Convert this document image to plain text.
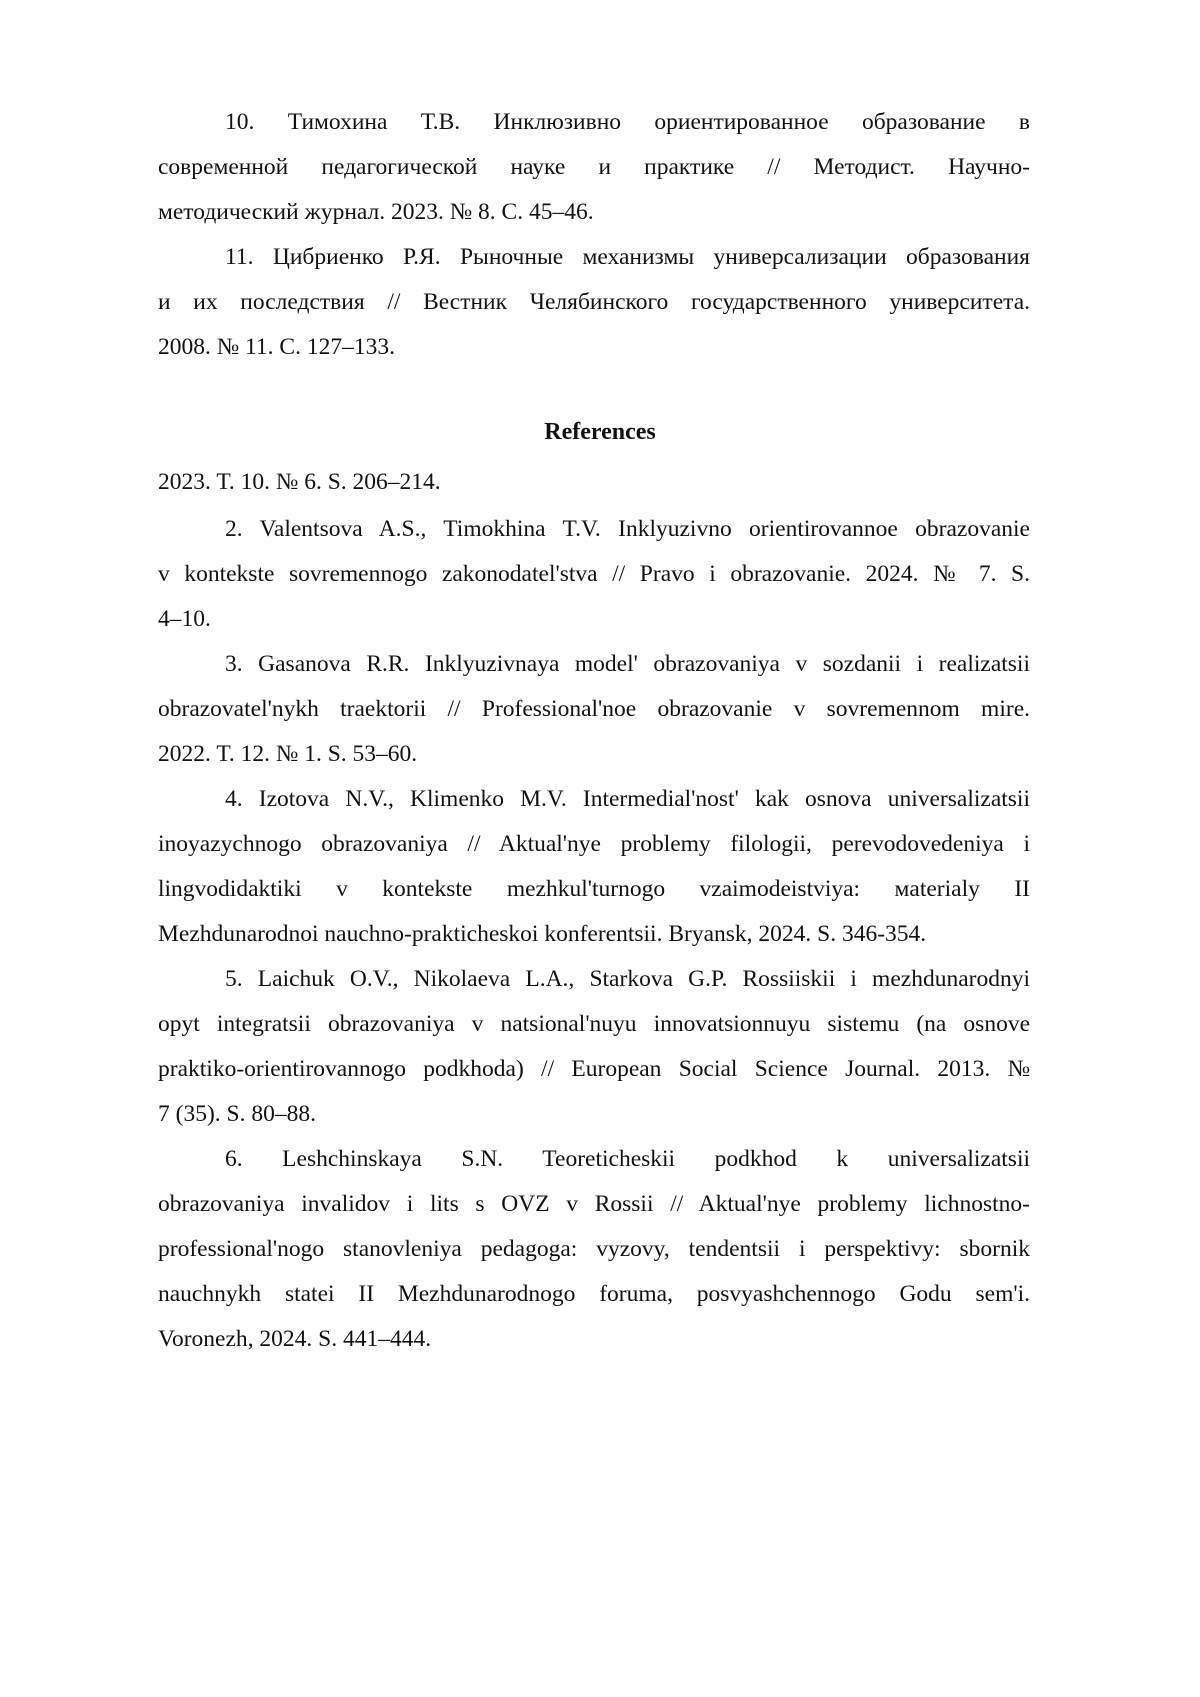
References
2023. T. 10. № 6. S. 206–214.
10. Тимохина Т.В. Инклюзивно ориентированное образование в
современной педагогической науке и практике // Методист. Научно-
методический журнал. 2023. № 8. С. 45–46.
11. Цибриенко Р.Я. Рыночные механизмы универсализации образования
и их последствия // Вестник Челябинского государственного университета.
2008. № 11. С. 127–133.
2. Valentsova A.S., Timokhina T.V. Inklyuzivno orientirovannoe obrazovanie
v kontekste sovremennogo zakonodatel'stva // Pravo i obrazovanie. 2024. № 7. S.
4–10.
3. Gasanova R.R. Inklyuzivnaya model' obrazovaniya v sozdanii i realizatsii
obrazovatel'nykh traektorii // Professional'noe obrazovanie v sovremennom mire.
2022. T. 12. № 1. S. 53–60.
4. Izotova N.V., Klimenko M.V. Intermedial'nost' kak osnova universalizatsii
inoyazychnogo obrazovaniya // Aktual'nye problemy filologii, perevodovedeniya i
lingvodidaktiki v kontekste mezhkul'turnogo vzaimodeistviya: мaterialy II
Mezhdunarodnoi nauchno-prakticheskoi konferentsii. Bryansk, 2024. S. 346-354.
5. Laichuk O.V., Nikolaeva L.A., Starkova G.P. Rossiiskii i mezhdunarodnyi
opyt integratsii obrazovaniya v natsional'nuyu innovatsionnuyu sistemu (na osnove
praktiko-orientirovannogo podkhoda) // European Social Science Journal. 2013. №
7 (35). S. 80–88.
6. Leshchinskaya S.N. Teoreticheskii podkhod k universalizatsii
obrazovaniya invalidov i lits s OVZ v Rossii // Aktual'nye problemy lichnostno-
professional'nogo stanovleniya pedagoga: vyzovy, tendentsii i perspektivy: sbornik
nauchnykh statei II Mezhdunarodnogo foruma, posvyashchennogo Godu sem'i.
Voronezh, 2024. S. 441–444.
